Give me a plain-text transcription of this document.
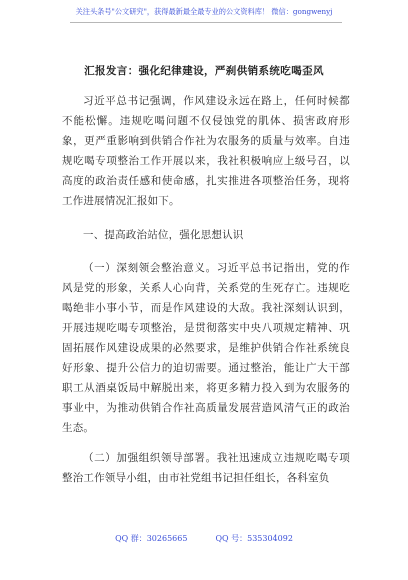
关注头条号"公文研究"，获得最新最全最专业的公文资料库！ 微信：gongwenyj
汇报发言：强化纪律建设，严刹供销系统吃喝歪风

习近平总书记强调，作风建设永远在路上，任何时候都不能松懈。违规吃喝问题不仅侵蚀党的肌体、损害政府形象，更严重影响到供销合作社为农服务的质量与效率。自违规吃喝专项整治工作开展以来，我社积极响应上级号召，以高度的政治责任感和使命感，扎实推进各项整治任务，现将工作进展情况汇报如下。

一、提高政治站位，强化思想认识

（一）深刻领会整治意义。习近平总书记指出，党的作风是党的形象，关系人心向背，关系党的生死存亡。违规吃喝绝非小事小节，而是作风建设的大敌。我社深刻认识到，开展违规吃喝专项整治，是贯彻落实中央八项规定精神、巩固拓展作风建设成果的必然要求，是维护供销合作社系统良好形象、提升公信力的迫切需要。通过整治，能让广大干部职工从酒桌饭局中解脱出来，将更多精力投入到为农服务的事业中，为推动供销合作社高质量发展营造风清气正的政治生态。

（二）加强组织领导部署。我社迅速成立违规吃喝专项整治工作领导小组，由市社党组书记担任组长，各科室负

QQ 群：30265665	QQ 号：535304092
